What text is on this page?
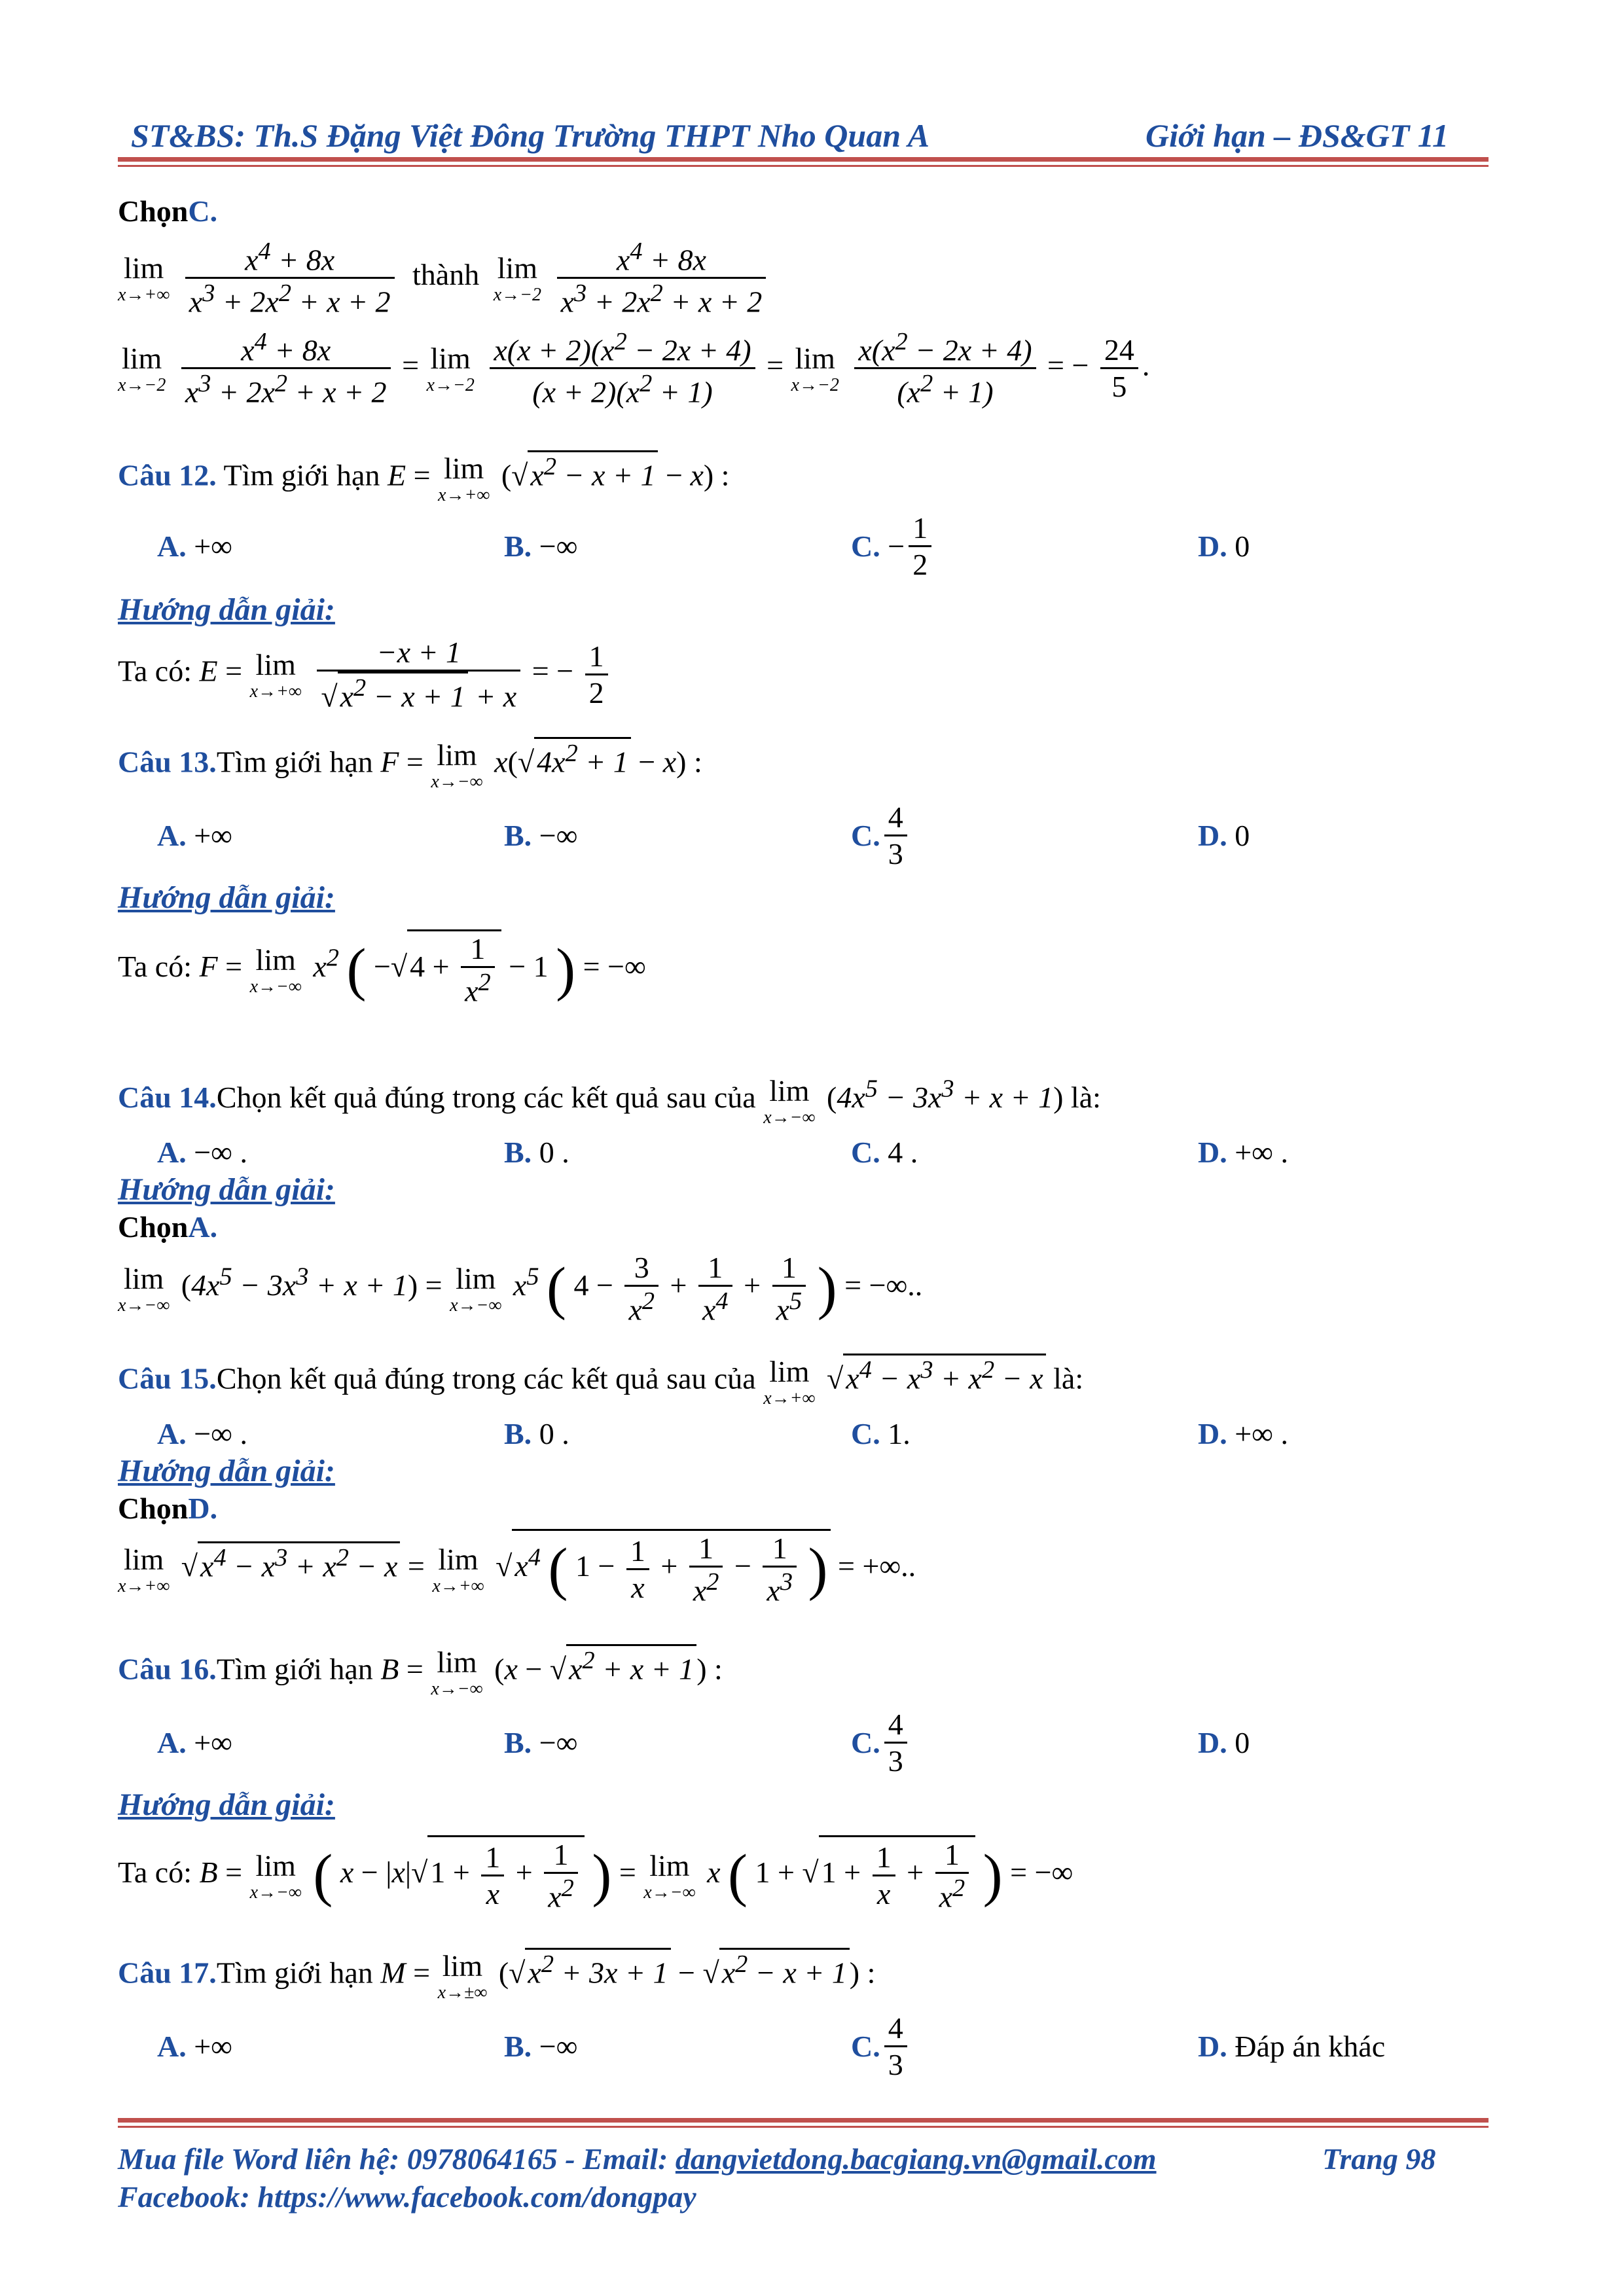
ST&BS: Th.S Đặng Việt Đông Trường THPT Nho Quan A	Giới hạn – ĐS&GT 11
ChọnC.
lim
x→+∞
$\frac{x^4 + 8x}{x^3 + 2x^2 + x + 2}$ thành lim
x→−2
$\frac{x^4 + 8x}{x^3 + 2x^2 + x + 2}$
lim
x→−2
$\frac{x^4 + 8x}{x^3 + 2x^2 + x + 2} = \lim$
x→−2
$\frac{x(x + 2)(x^2 - 2x + 4)}{(x + 2)(x^2 + 1)} = \lim$
x→−2
$\frac{x(x^2 - 2x + 4)}{(x^2 + 1)}$ = − $\frac{24}{5}$ .
Câu 12. Tìm giới hạn E = lim
x→+∞
$(√x^2 - x + 1 - x)$ :
A. +∞	B. −∞	C. − $\frac{1}{2}$	D. 0
Hướng dẫn giải:
Ta có: E = lim
x→+∞
$\frac{-x + 1}{√x^2 - x + 1 + x}$ = − $\frac{1}{2}$
Câu 13.Tìm giới hạn F = lim
x→−∞
$x(√4x^2 + 1 - x)$ :
A. +∞	B. −∞	C. $\frac{4}{3}$	D. 0
Hướng dẫn giải:
Ta có: F = lim
x→−∞
$x^2$ ( $-√4 + \frac{1}{x^2} - 1$ ) = −∞
Câu 14.Chọn kết quả đúng trong các kết quả sau của lim
x→−∞
$(4x^5 - 3x^3 + x + 1)$ là:
A. −∞ .	B. 0 .	C. 4 .	D. +∞ .
Hướng dẫn giải:
ChọnA.
lim
x→−∞
$(4x^5 - 3x^3 + x + 1) = \lim$
x→−∞
$x^5$ ( $4 - \frac{3}{x^2} + \frac{1}{x^4} + \frac{1}{x^5}$ ) = −∞..
Câu 15.Chọn kết quả đúng trong các kết quả sau của lim
x→+∞
$√x^4 - x^3 + x^2 - x$ là:
A. −∞ .	B. 0 .	C. 1.	D. +∞ .
Hướng dẫn giải:
ChọnD.
lim
x→+∞
$√x^4 - x^3 + x^2 - x = \lim$
x→+∞
$√x^4$ ( $1 - \frac{1}{x} + \frac{1}{x^2} - \frac{1}{x^3}$ ) = +∞..
Câu 16.Tìm giới hạn B = lim
x→−∞
$(x - √x^2 + x + 1)$ :
A. +∞	B. −∞	C. $\frac{4}{3}$	D. 0
Hướng dẫn giải:
Ta có: B = lim
x→−∞ ( $x - |x|√1 + \frac{1}{x} + \frac{1}{x^2}$ ) = lim
x→−∞
x ( $1 + √1 + \frac{1}{x} + \frac{1}{x^2}$ ) = −∞
Câu 17.Tìm giới hạn M = lim
x→±∞
$(√x^2 + 3x + 1 - √x^2 - x + 1)$ :
A. +∞	B. −∞	C. $\frac{4}{3}$	D. Đáp án khác
Mua file Word liên hệ: 0978064165 - Email: dangvietdong.bacgiang.vn@gmail.com	Trang 98
Facebook: https://www.facebook.com/dongpay
